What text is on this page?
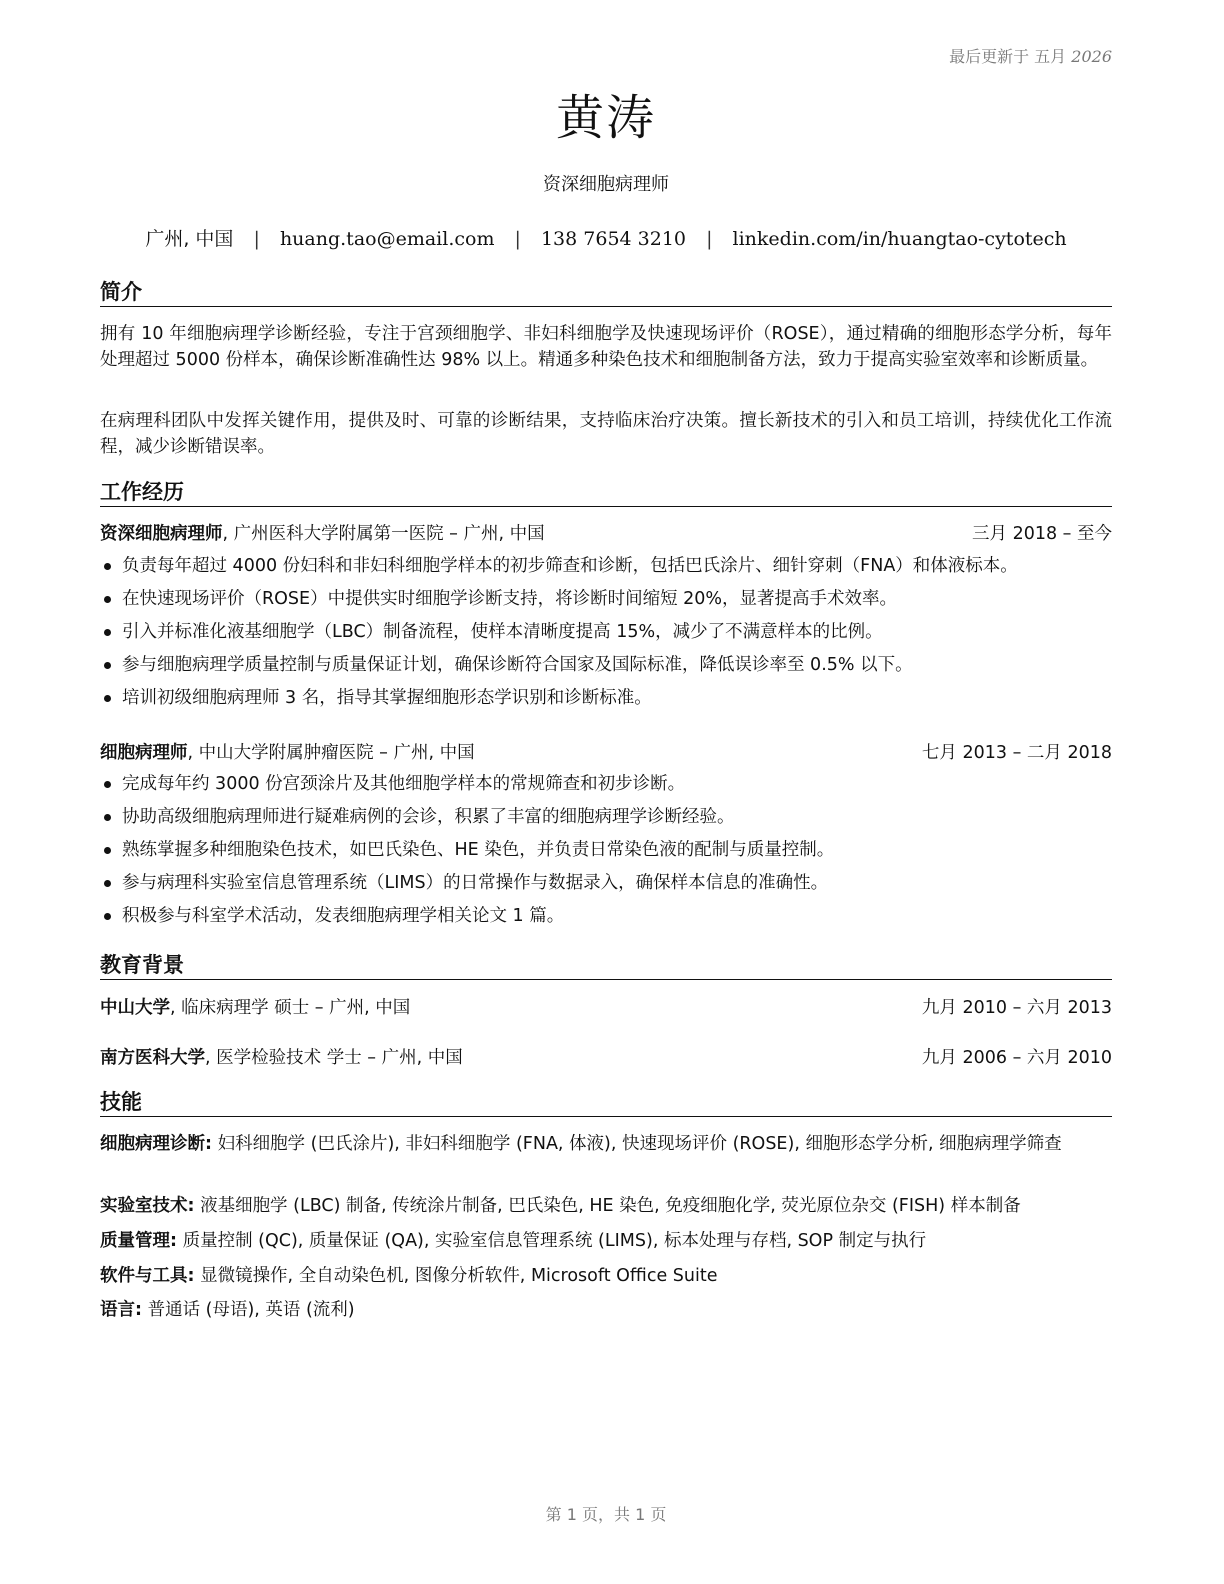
最后更新于 五月 2026
黄涛
资深细胞病理师
广州, 中国 | huang.tao@email.com | 138 7654 3210 | linkedin.com/in/huangtao-cytotech
简介
拥有 10 年细胞病理学诊断经验，专注于宫颈细胞学、非妇科细胞学及快速现场评价（ROSE），通过精确的细胞形态学分析，每年处理超过 5000 份样本，确保诊断准确性达 98% 以上。精通多种染色技术和细胞制备方法，致力于提高实验室效率和诊断质量。
在病理科团队中发挥关键作用，提供及时、可靠的诊断结果，支持临床治疗决策。擅长新技术的引入和员工培训，持续优化工作流程，减少诊断错误率。
工作经历
资深细胞病理师, 广州医科大学附属第一医院 – 广州, 中国	三月 2018 – 至今
负责每年超过 4000 份妇科和非妇科细胞学样本的初步筛查和诊断，包括巴氏涂片、细针穿刺（FNA）和体液标本。
在快速现场评价（ROSE）中提供实时细胞学诊断支持，将诊断时间缩短 20%，显著提高手术效率。
引入并标准化液基细胞学（LBC）制备流程，使样本清晰度提高 15%，减少了不满意样本的比例。
参与细胞病理学质量控制与质量保证计划，确保诊断符合国家及国际标准，降低误诊率至 0.5% 以下。
培训初级细胞病理师 3 名，指导其掌握细胞形态学识别和诊断标准。
细胞病理师, 中山大学附属肿瘤医院 – 广州, 中国	七月 2013 – 二月 2018
完成每年约 3000 份宫颈涂片及其他细胞学样本的常规筛查和初步诊断。
协助高级细胞病理师进行疑难病例的会诊，积累了丰富的细胞病理学诊断经验。
熟练掌握多种细胞染色技术，如巴氏染色、HE 染色，并负责日常染色液的配制与质量控制。
参与病理科实验室信息管理系统（LIMS）的日常操作与数据录入，确保样本信息的准确性。
积极参与科室学术活动，发表细胞病理学相关论文 1 篇。
教育背景
中山大学, 临床病理学 硕士 – 广州, 中国	九月 2010 – 六月 2013
南方医科大学, 医学检验技术 学士 – 广州, 中国	九月 2006 – 六月 2010
技能
细胞病理诊断: 妇科细胞学 (巴氏涂片), 非妇科细胞学 (FNA, 体液), 快速现场评价 (ROSE), 细胞形态学分析, 细胞病理学筛查
实验室技术: 液基细胞学 (LBC) 制备, 传统涂片制备, 巴氏染色, HE 染色, 免疫细胞化学, 荧光原位杂交 (FISH) 样本制备
质量管理: 质量控制 (QC), 质量保证 (QA), 实验室信息管理系统 (LIMS), 标本处理与存档, SOP 制定与执行
软件与工具: 显微镜操作, 全自动染色机, 图像分析软件, Microsoft Office Suite
语言: 普通话 (母语), 英语 (流利)
第 1 页，共 1 页
